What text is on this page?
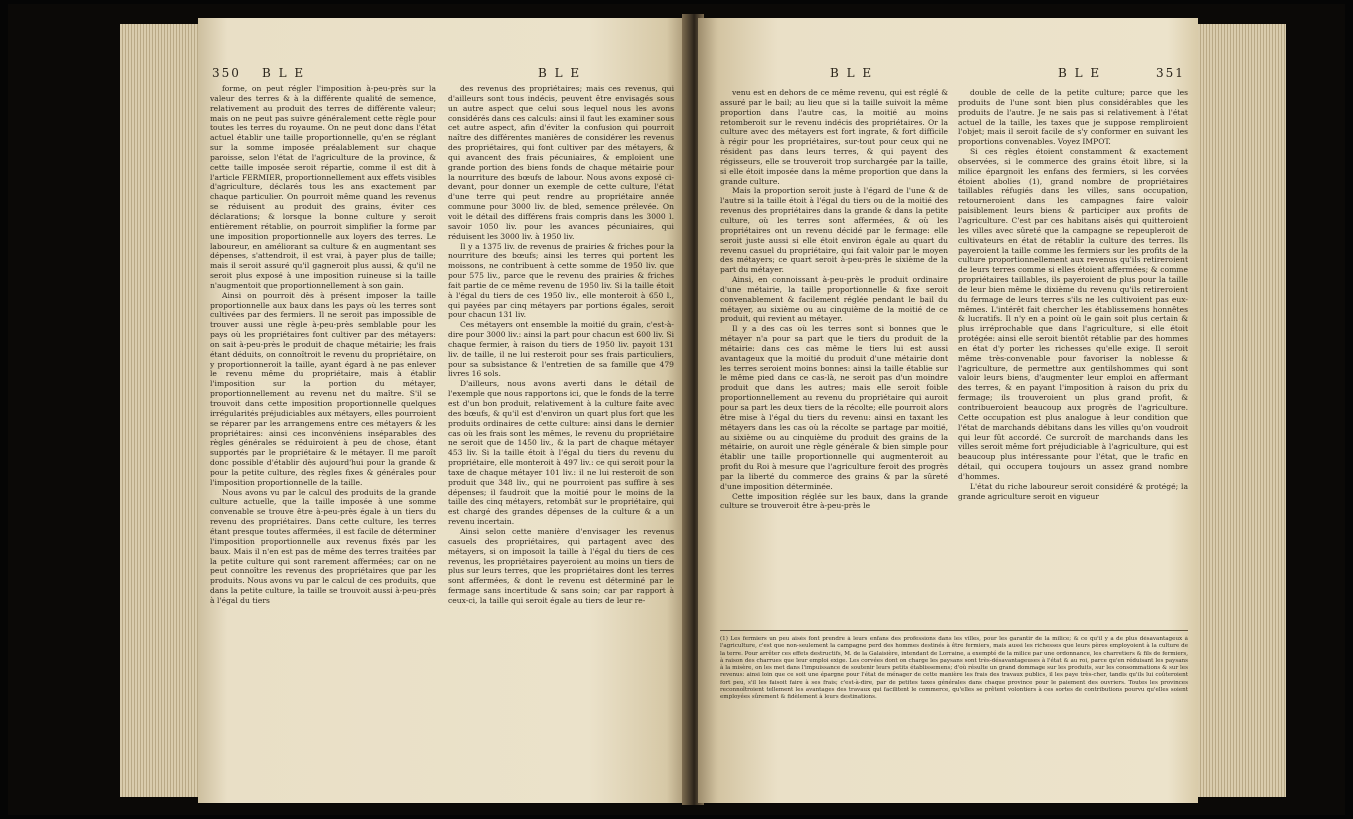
350 B L E	B L E

forme, on peut régler l'imposition à-peu-près sur la valeur des terres & à la différente qualité de semence, relativement au produit des terres de différente valeur; mais on ne peut pas suivre généralement cette règle pour toutes les terres du royaume. On ne peut donc dans l'état actuel établir une taille proportionnelle, qu'en se réglant sur la somme imposée préalablement sur chaque paroisse, selon l'état de l'agriculture de la province, & cette taille imposée seroit répartie, comme il est dit à l'article FERMIER, proportionnellement aux effets visibles d'agriculture, déclarés tous les ans exactement par chaque particulier. On pourroit même quand les revenus se réduisent au produit des grains, éviter ces déclarations; & lorsque la bonne culture y seroit entièrement rétablie, on pourroit simplifier la forme par une imposition proportionnelle aux loyers des terres. Le laboureur, en améliorant sa culture & en augmentant ses dépenses, s'attendroit, il est vrai, à payer plus de taille; mais il seroit assuré qu'il gagneroit plus aussi, & qu'il ne seroit plus exposé à une imposition ruineuse si la taille n'augmentoit que proportionnellement à son gain.

Ainsi on pourroit dès à présent imposer la taille proportionnelle aux baux dans les pays où les terres sont cultivées par des fermiers. Il ne seroit pas impossible de trouver aussi une règle à-peu-près semblable pour les pays où les propriétaires font cultiver par des métayers: on sait à-peu-près le produit de chaque métairie; les frais étant déduits, on connoîtroit le revenu du propriétaire, on y proportionneroit la taille, ayant égard à ne pas enlever le revenu même du propriétaire, mais à établir l'imposition sur la portion du métayer, proportionnellement au revenu net du maître. S'il se trouvoit dans cette imposition proportionnelle quelques irrégularités préjudiciables aux métayers, elles pourroient se réparer par les arrangemens entre ces métayers & les propriétaires: ainsi ces inconvéniens inséparables des règles générales se réduiroient à peu de chose, étant supportés par le propriétaire & le métayer. Il me paroît donc possible d'établir dès aujourd'hui pour la grande & pour la petite culture, des règles fixes & générales pour l'imposition proportionnelle de la taille.

Nous avons vu par le calcul des produits de la grande culture actuelle, que la taille imposée à une somme convenable se trouve être à-peu-près égale à un tiers du revenu des propriétaires. Dans cette culture, les terres étant presque toutes affermées, il est facile de déterminer l'imposition proportionnelle aux revenus fixés par les baux. Mais il n'en est pas de même des terres traitées par la petite culture qui sont rarement affermées; car on ne peut connoître les revenus des propriétaires que par les produits. Nous avons vu par le calcul de ces produits, que dans la petite culture, la taille se trouvoit aussi à-peu-près à l'égal du tiers

des revenus des propriétaires; mais ces revenus, qui d'ailleurs sont tous indécis, peuvent être envisagés sous un autre aspect que celui sous lequel nous les avons considérés dans ces calculs: ainsi il faut les examiner sous cet autre aspect, afin d'éviter la confusion qui pourroit naître des différentes manières de considérer les revenus des propriétaires, qui font cultiver par des métayers, & qui avancent des frais pécuniaires, & emploient une grande portion des biens fonds de chaque métairie pour la nourriture des bœufs de labour. Nous avons exposé ci-devant, pour donner un exemple de cette culture, l'état d'une terre qui peut rendre au propriétaire année commune pour 3000 liv. de bled, semence prélevée. On voit le détail des différens frais compris dans les 3000 l. savoir 1050 liv. pour les avances pécuniaires, qui réduisent les 3000 liv. à 1950 liv.

Il y a 1375 liv. de revenus de prairies & friches pour la nourriture des bœufs; ainsi les terres qui portent les moissons, ne contribuent à cette somme de 1950 liv. que pour 575 liv., parce que le revenu des prairies & friches fait partie de ce même revenu de 1950 liv. Si la taille étoit à l'égal du tiers de ces 1950 liv., elle monteroit à 650 l., qui payées par cinq métayers par portions égales, seroit pour chacun 131 liv.

Ces métayers ont ensemble la moitié du grain, c'est-à-dire pour 3000 liv.: ainsi la part pour chacun est 600 liv. Si chaque fermier, à raison du tiers de 1950 liv. payoit 131 liv. de taille, il ne lui resteroit pour ses frais particuliers, pour sa subsistance & l'entretien de sa famille que 479 livres 16 sols.

D'ailleurs, nous avons averti dans le détail de l'exemple que nous rapportons ici, que le fonds de la terre est d'un bon produit, relativement à la culture faite avec des bœufs, & qu'il est d'environ un quart plus fort que les produits ordinaires de cette culture: ainsi dans le dernier cas où les frais sont les mêmes, le revenu du propriétaire ne seroit que de 1450 liv., & la part de chaque métayer 453 liv. Si la taille étoit à l'égal du tiers du revenu du propriétaire, elle monteroit à 497 liv.: ce qui seroit pour la taxe de chaque métayer 101 liv.: il ne lui resteroit de son produit que 348 liv., qui ne pourroient pas suffire à ses dépenses; il faudroit que la moitié pour le moins de la taille des cinq métayers, retombât sur le propriétaire, qui est chargé des grandes dépenses de la culture & a un revenu incertain.

Ainsi selon cette manière d'envisager les revenus casuels des propriétaires, qui partagent avec des métayers, si on imposoit la taille à l'égal du tiers de ces revenus, les propriétaires payeroient au moins un tiers de plus sur leurs terres, que les propriétaires dont les terres sont affermées, & dont le revenu est déterminé par le fermage sans incertitude & sans soin; car par rapport à ceux-ci, la taille qui seroit égale au tiers de leur re-

B L E	B L E	351

venu est en dehors de ce même revenu, qui est réglé & assuré par le bail; au lieu que si la taille suivoit la même proportion dans l'autre cas, la moitié au moins retomberoit sur le revenu indécis des propriétaires. Or la culture avec des métayers est fort ingrate, & fort difficile à régir pour les propriétaires, sur-tout pour ceux qui ne résident pas dans leurs terres, & qui payent des régisseurs, elle se trouveroit trop surchargée par la taille, si elle étoit imposée dans la même proportion que dans la grande culture.

Mais la proportion seroit juste à l'égard de l'une & de l'autre si la taille étoit à l'égal du tiers ou de la moitié des revenus des propriétaires dans la grande & dans la petite culture, où les terres sont affermées, & où les propriétaires ont un revenu décidé par le fermage: elle seroit juste aussi si elle étoit environ égale au quart du revenu casuel du propriétaire, qui fait valoir par le moyen des métayers; ce quart seroit à-peu-près le sixième de la part du métayer.

Ainsi, en connoissant à-peu-près le produit ordinaire d'une métairie, la taille proportionnelle & fixe seroit convenablement & facilement réglée pendant le bail du métayer, au sixième ou au cinquième de la moitié de ce produit, qui revient au métayer.

Il y a des cas où les terres sont si bonnes que le métayer n'a pour sa part que le tiers du produit de la métairie: dans ces cas même le tiers lui est aussi avantageux que la moitié du produit d'une métairie dont les terres seroient moins bonnes: ainsi la taille établie sur le même pied dans ce cas-là, ne seroit pas d'un moindre produit que dans les autres; mais elle seroit foible proportionnellement au revenu du propriétaire qui auroit pour sa part les deux tiers de la récolte; elle pourroit alors être mise à l'égal du tiers du revenu: ainsi en taxant les métayers dans les cas où la récolte se partage par moitié, au sixième ou au cinquième du produit des grains de la métairie, on auroit une règle générale & bien simple pour établir une taille proportionnelle qui augmenteroit au profit du Roi à mesure que l'agriculture feroit des progrès par la liberté du commerce des grains & par la sûreté d'une imposition déterminée.

Cette imposition réglée sur les baux, dans la grande culture se trouveroit être à-peu-près le

double de celle de la petite culture; parce que les produits de l'une sont bien plus considérables que les produits de l'autre. Je ne sais pas si relativement à l'état actuel de la taille, les taxes que je suppose rempliroient l'objet; mais il seroit facile de s'y conformer en suivant les proportions convenables. Voyez IMPOT.

Si ces règles étoient constamment & exactement observées, si le commerce des grains étoit libre, si la milice épargnoit les enfans des fermiers, si les corvées étoient abolies (1), grand nombre de propriétaires taillables réfugiés dans les villes, sans occupation, retourneroient dans les campagnes faire valoir paisiblement leurs biens & participer aux profits de l'agriculture. C'est par ces habitans aisés qui quitteroient les villes avec sûreté que la campagne se repeupleroit de cultivateurs en état de rétablir la culture des terres. Ils payeroient la taille comme les fermiers sur les profits de la culture proportionnellement aux revenus qu'ils retireroient de leurs terres comme si elles étoient affermées; & comme propriétaires taillables, ils payeroient de plus pour la taille de leur bien même le dixième du revenu qu'ils retireroient du fermage de leurs terres s'ils ne les cultivoient pas eux-mêmes. L'intérêt fait chercher les établissemens honnêtes & lucratifs. Il n'y en a point où le gain soit plus certain & plus irréprochable que dans l'agriculture, si elle étoit protégée: ainsi elle seroit bientôt rétablie par des hommes en état d'y porter les richesses qu'elle exige. Il seroit même très-convenable pour favoriser la noblesse & l'agriculture, de permettre aux gentilshommes qui sont valoir leurs biens, d'augmenter leur emploi en affermant des terres, & en payant l'imposition à raison du prix du fermage; ils trouveroient un plus grand profit, & contribueroient beaucoup aux progrès de l'agriculture. Cette occupation est plus analogue à leur condition que l'état de marchands débitans dans les villes qu'on voudroit qui leur fût accordé. Ce surcroît de marchands dans les villes seroit même fort préjudiciable à l'agriculture, qui est beaucoup plus intéressante pour l'état, que le trafic en détail, qui occupera toujours un assez grand nombre d'hommes.

L'état du riche laboureur seroit considéré & protégé; la grande agriculture seroit en vigueur

(1) Les fermiers un peu aisés font prendre à leurs enfans des professions dans les villes, pour les garantir de la milice; & ce qu'il y a de plus désavantageux à l'agriculture, c'est que non-seulement la campagne perd des hommes destinés à être fermiers, mais aussi les richesses que leurs pères employoient à la culture de la terre. Pour arrêter ces effets destructifs, M. de la Galaisière, intendant de Lorraine, a exempté de la milice par une ordonnance, les charretiers & fils de fermiers, à raison des charrues que leur emploi exige. Les corvées dont on charge les paysans sont très-désavantageuses à l'état & au roi, parce qu'en réduisant les paysans à la misère, on les met dans l'impuissance de soutenir leurs petits établissemens; d'où résulte un grand dommage sur les produits, sur les consommations & sur les revenus: ainsi loin que ce soit une épargne pour l'état de ménager de cette manière les frais des travaux publics, il les paye très-cher, tandis qu'ils lui coûteroient fort peu, s'il les faisoit faire à ses frais; c'est-à-dire, par de petites taxes générales dans chaque province pour le paiement des ouvriers. Toutes les provinces reconnoîtroient tellement les avantages des travaux qui facilitent le commerce, qu'elles se prêtent volontiers à ces sortes de contributions pourvu qu'elles soient employées sûrement & fidèlement à leurs destinations.
